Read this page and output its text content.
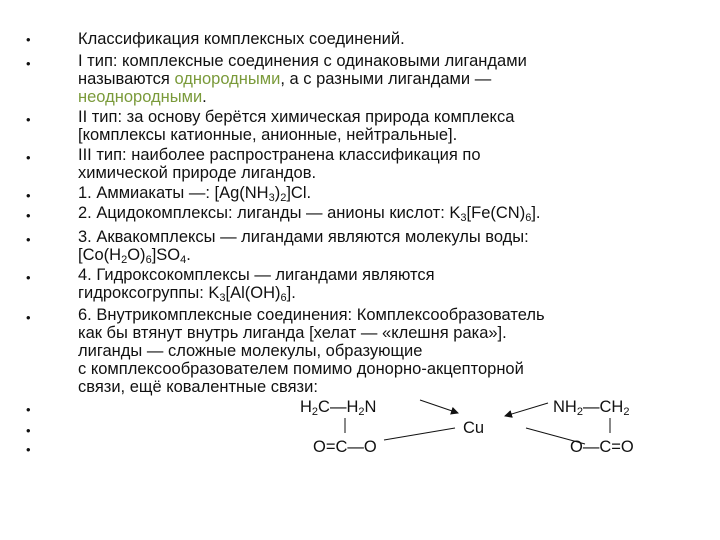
•
•
•
•
•
•
•
•
•
•
•
•
Классификация комплексных соединений.
I тип: комплексные соединения с одинаковыми лигандами
называются однородными, а с разными лигандами —
неоднородными.
II тип: за основу берётся химическая природа комплекса
[комплексы катионные, анионные, нейтральные].
III тип: наиболее распространена классификация по
химической природе лигандов.
1. Аммиакаты —: $[Ag(NH_3)_2]Cl$.
2. Ацидокомплексы: лиганды — анионы кислот: $K_3[Fe(CN)_6]$.
3. Аквакомплексы — лигандами являются молекулы воды:
$[Co(H_2O)_6]SO_4$.
4. Гидроксокомплексы — лигандами являются
гидроксогруппы: $K_3[Al(OH)_6]$.
6. Внутрикомплексные соединения: Комплексообразователь
как бы втянут внутрь лиганда [хелат — «клешня рака»].
лиганды — сложные молекулы, образующие
с комплексообразователем помимо донорно-акцепторной
связи, ещё ковалентные связи:
$H_2C—H_2N$	$NH_2—CH_2$
Cu
O=C—O	O—C=O
